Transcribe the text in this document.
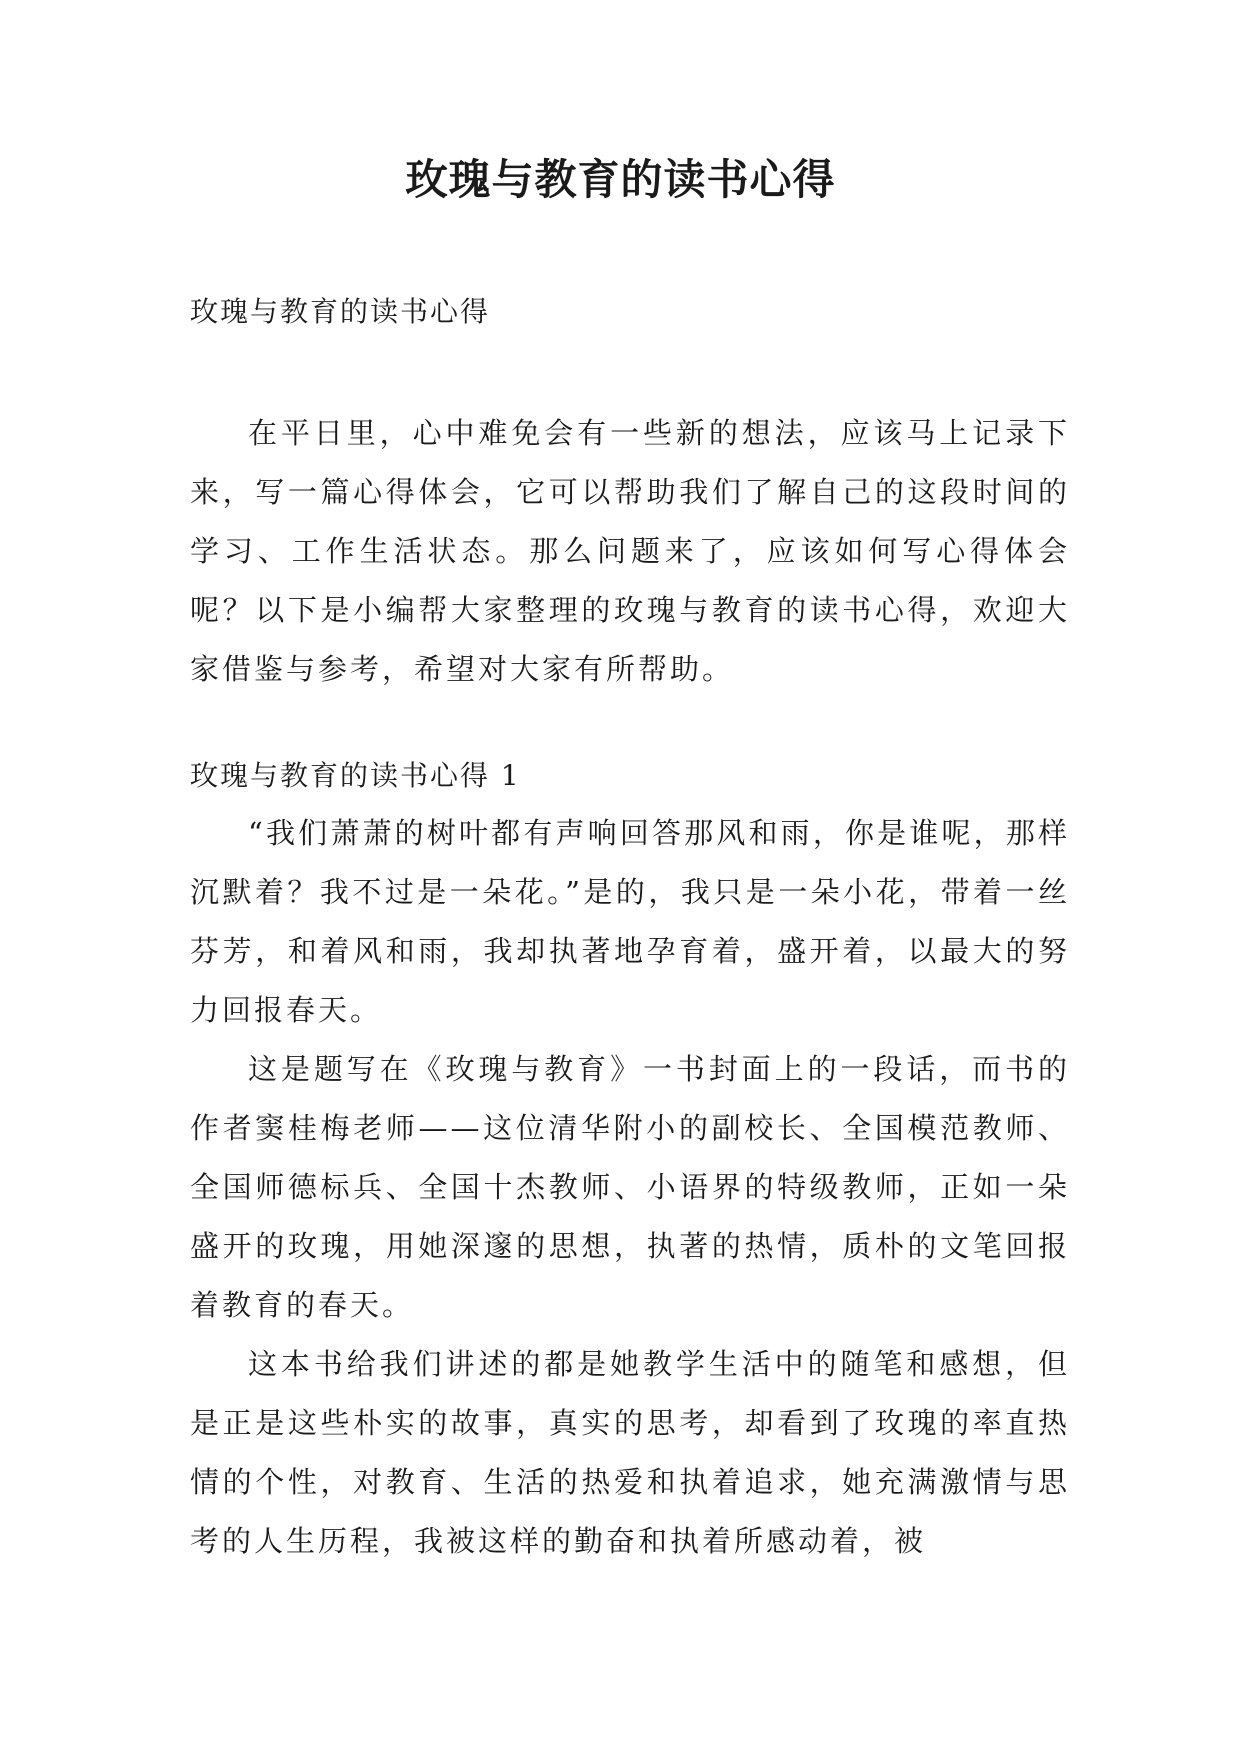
玫瑰与教育的读书心得
玫瑰与教育的读书心得
在平日里，心中难免会有一些新的想法，应该马上记录下来，写一篇心得体会，它可以帮助我们了解自己的这段时间的学习、工作生活状态。那么问题来了，应该如何写心得体会呢？以下是小编帮大家整理的玫瑰与教育的读书心得，欢迎大家借鉴与参考，希望对大家有所帮助。
玫瑰与教育的读书心得 1

“我们萧萧的树叶都有声响回答那风和雨，你是谁呢，那样沉默着？我不过是一朵花。”是的，我只是一朵小花，带着一丝芬芳，和着风和雨，我却执著地孕育着，盛开着，以最大的努力回报春天。

这是题写在《玫瑰与教育》一书封面上的一段话，而书的作者窦桂梅老师——这位清华附小的副校长、全国模范教师、全国师德标兵、全国十杰教师、小语界的特级教师，正如一朵盛开的玫瑰，用她深邃的思想，执著的热情，质朴的文笔回报着教育的春天。

这本书给我们讲述的都是她教学生活中的随笔和感想，但是正是这些朴实的故事，真实的思考，却看到了玫瑰的率直热情的个性，对教育、生活的热爱和执着追求，她充满激情与思考的人生历程，我被这样的勤奋和执着所感动着，被
